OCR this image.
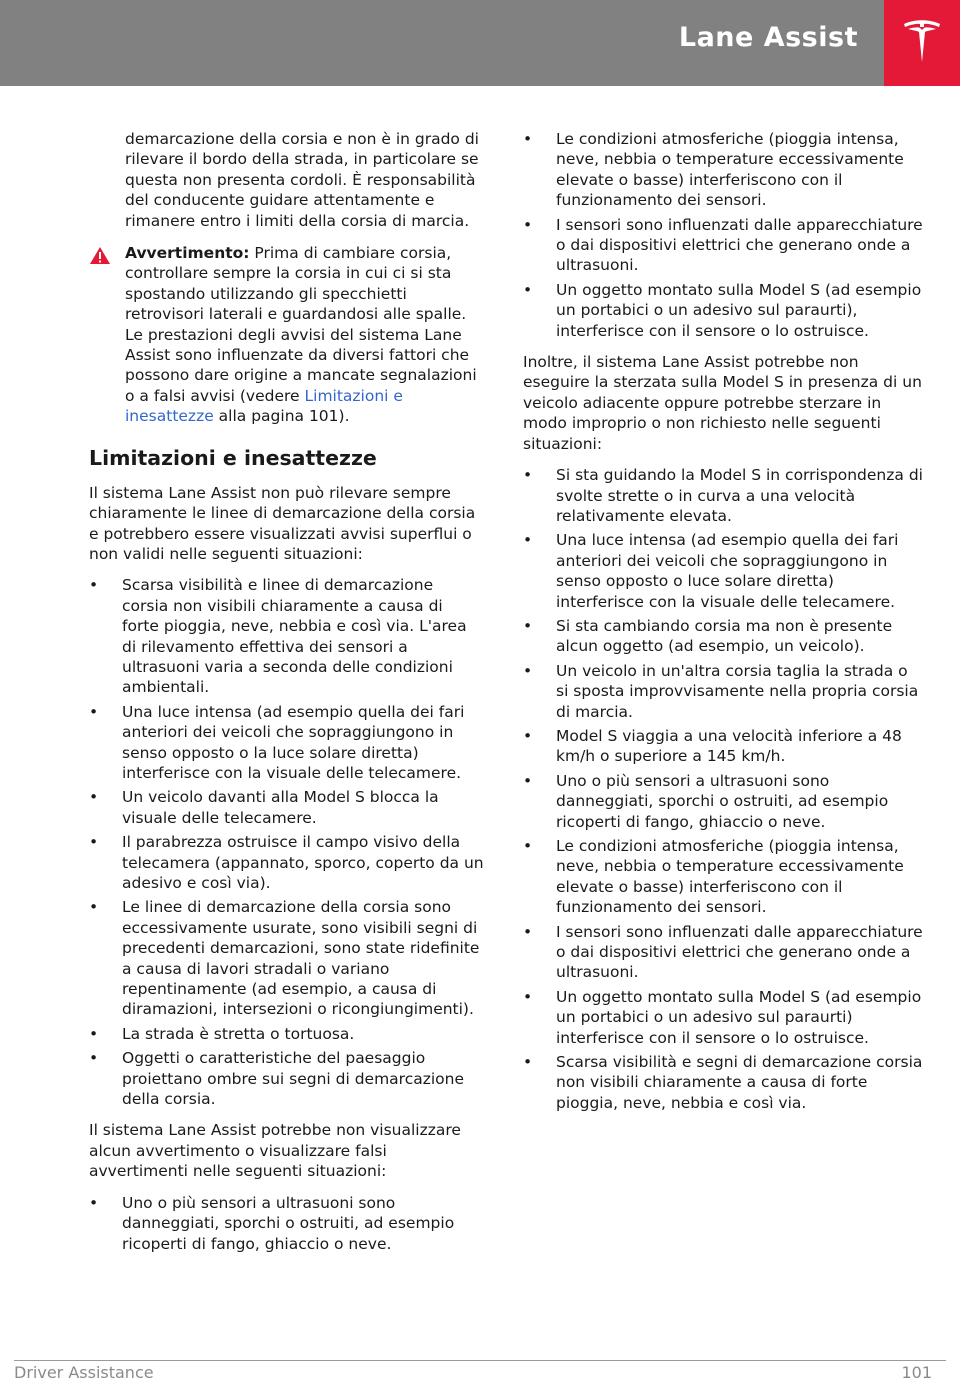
Lane Assist
demarcazione della corsia e non è in grado di rilevare il bordo della strada, in particolare se questa non presenta cordoli. È responsabilità del conducente guidare attentamente e rimanere entro i limiti della corsia di marcia.
Avvertimento: Prima di cambiare corsia, controllare sempre la corsia in cui ci si sta spostando utilizzando gli specchietti retrovisori laterali e guardandosi alle spalle. Le prestazioni degli avvisi del sistema Lane Assist sono influenzate da diversi fattori che possono dare origine a mancate segnalazioni o a falsi avvisi (vedere Limitazioni e inesattezze alla pagina 101).
Limitazioni e inesattezze

Il sistema Lane Assist non può rilevare sempre chiaramente le linee di demarcazione della corsia e potrebbero essere visualizzati avvisi superflui o non validi nelle seguenti situazioni:

• Scarsa visibilità e linee di demarcazione corsia non visibili chiaramente a causa di forte pioggia, neve, nebbia e così via. L'area di rilevamento effettiva dei sensori a ultrasuoni varia a seconda delle condizioni ambientali.
• Una luce intensa (ad esempio quella dei fari anteriori dei veicoli che sopraggiungono in senso opposto o la luce solare diretta) interferisce con la visuale delle telecamere.
• Un veicolo davanti alla Model S blocca la visuale delle telecamere.
• Il parabrezza ostruisce il campo visivo della telecamera (appannato, sporco, coperto da un adesivo e così via).
• Le linee di demarcazione della corsia sono eccessivamente usurate, sono visibili segni di precedenti demarcazioni, sono state ridefinite a causa di lavori stradali o variano repentinamente (ad esempio, a causa di diramazioni, intersezioni o ricongiungimenti).
• La strada è stretta o tortuosa.
• Oggetti o caratteristiche del paesaggio proiettano ombre sui segni di demarcazione della corsia.

Il sistema Lane Assist potrebbe non visualizzare alcun avvertimento o visualizzare falsi avvertimenti nelle seguenti situazioni:

• Uno o più sensori a ultrasuoni sono danneggiati, sporchi o ostruiti, ad esempio ricoperti di fango, ghiaccio o neve.
• Le condizioni atmosferiche (pioggia intensa, neve, nebbia o temperature eccessivamente elevate o basse) interferiscono con il funzionamento dei sensori.
• I sensori sono influenzati dalle apparecchiature o dai dispositivi elettrici che generano onde a ultrasuoni.
• Un oggetto montato sulla Model S (ad esempio un portabici o un adesivo sul paraurti), interferisce con il sensore o lo ostruisce.

Inoltre, il sistema Lane Assist potrebbe non eseguire la sterzata sulla Model S in presenza di un veicolo adiacente oppure potrebbe sterzare in modo improprio o non richiesto nelle seguenti situazioni:

• Si sta guidando la Model S in corrispondenza di svolte strette o in curva a una velocità relativamente elevata.
• Una luce intensa (ad esempio quella dei fari anteriori dei veicoli che sopraggiungono in senso opposto o luce solare diretta) interferisce con la visuale delle telecamere.
• Si sta cambiando corsia ma non è presente alcun oggetto (ad esempio, un veicolo).
• Un veicolo in un'altra corsia taglia la strada o si sposta improvvisamente nella propria corsia di marcia.
• Model S viaggia a una velocità inferiore a 48 km/h o superiore a 145 km/h.
• Uno o più sensori a ultrasuoni sono danneggiati, sporchi o ostruiti, ad esempio ricoperti di fango, ghiaccio o neve.
• Le condizioni atmosferiche (pioggia intensa, neve, nebbia o temperature eccessivamente elevate o basse) interferiscono con il funzionamento dei sensori.
• I sensori sono influenzati dalle apparecchiature o dai dispositivi elettrici che generano onde a ultrasuoni.
• Un oggetto montato sulla Model S (ad esempio un portabici o un adesivo sul paraurti) interferisce con il sensore o lo ostruisce.
• Scarsa visibilità e segni di demarcazione corsia non visibili chiaramente a causa di forte pioggia, neve, nebbia e così via.
Driver Assistance	101
